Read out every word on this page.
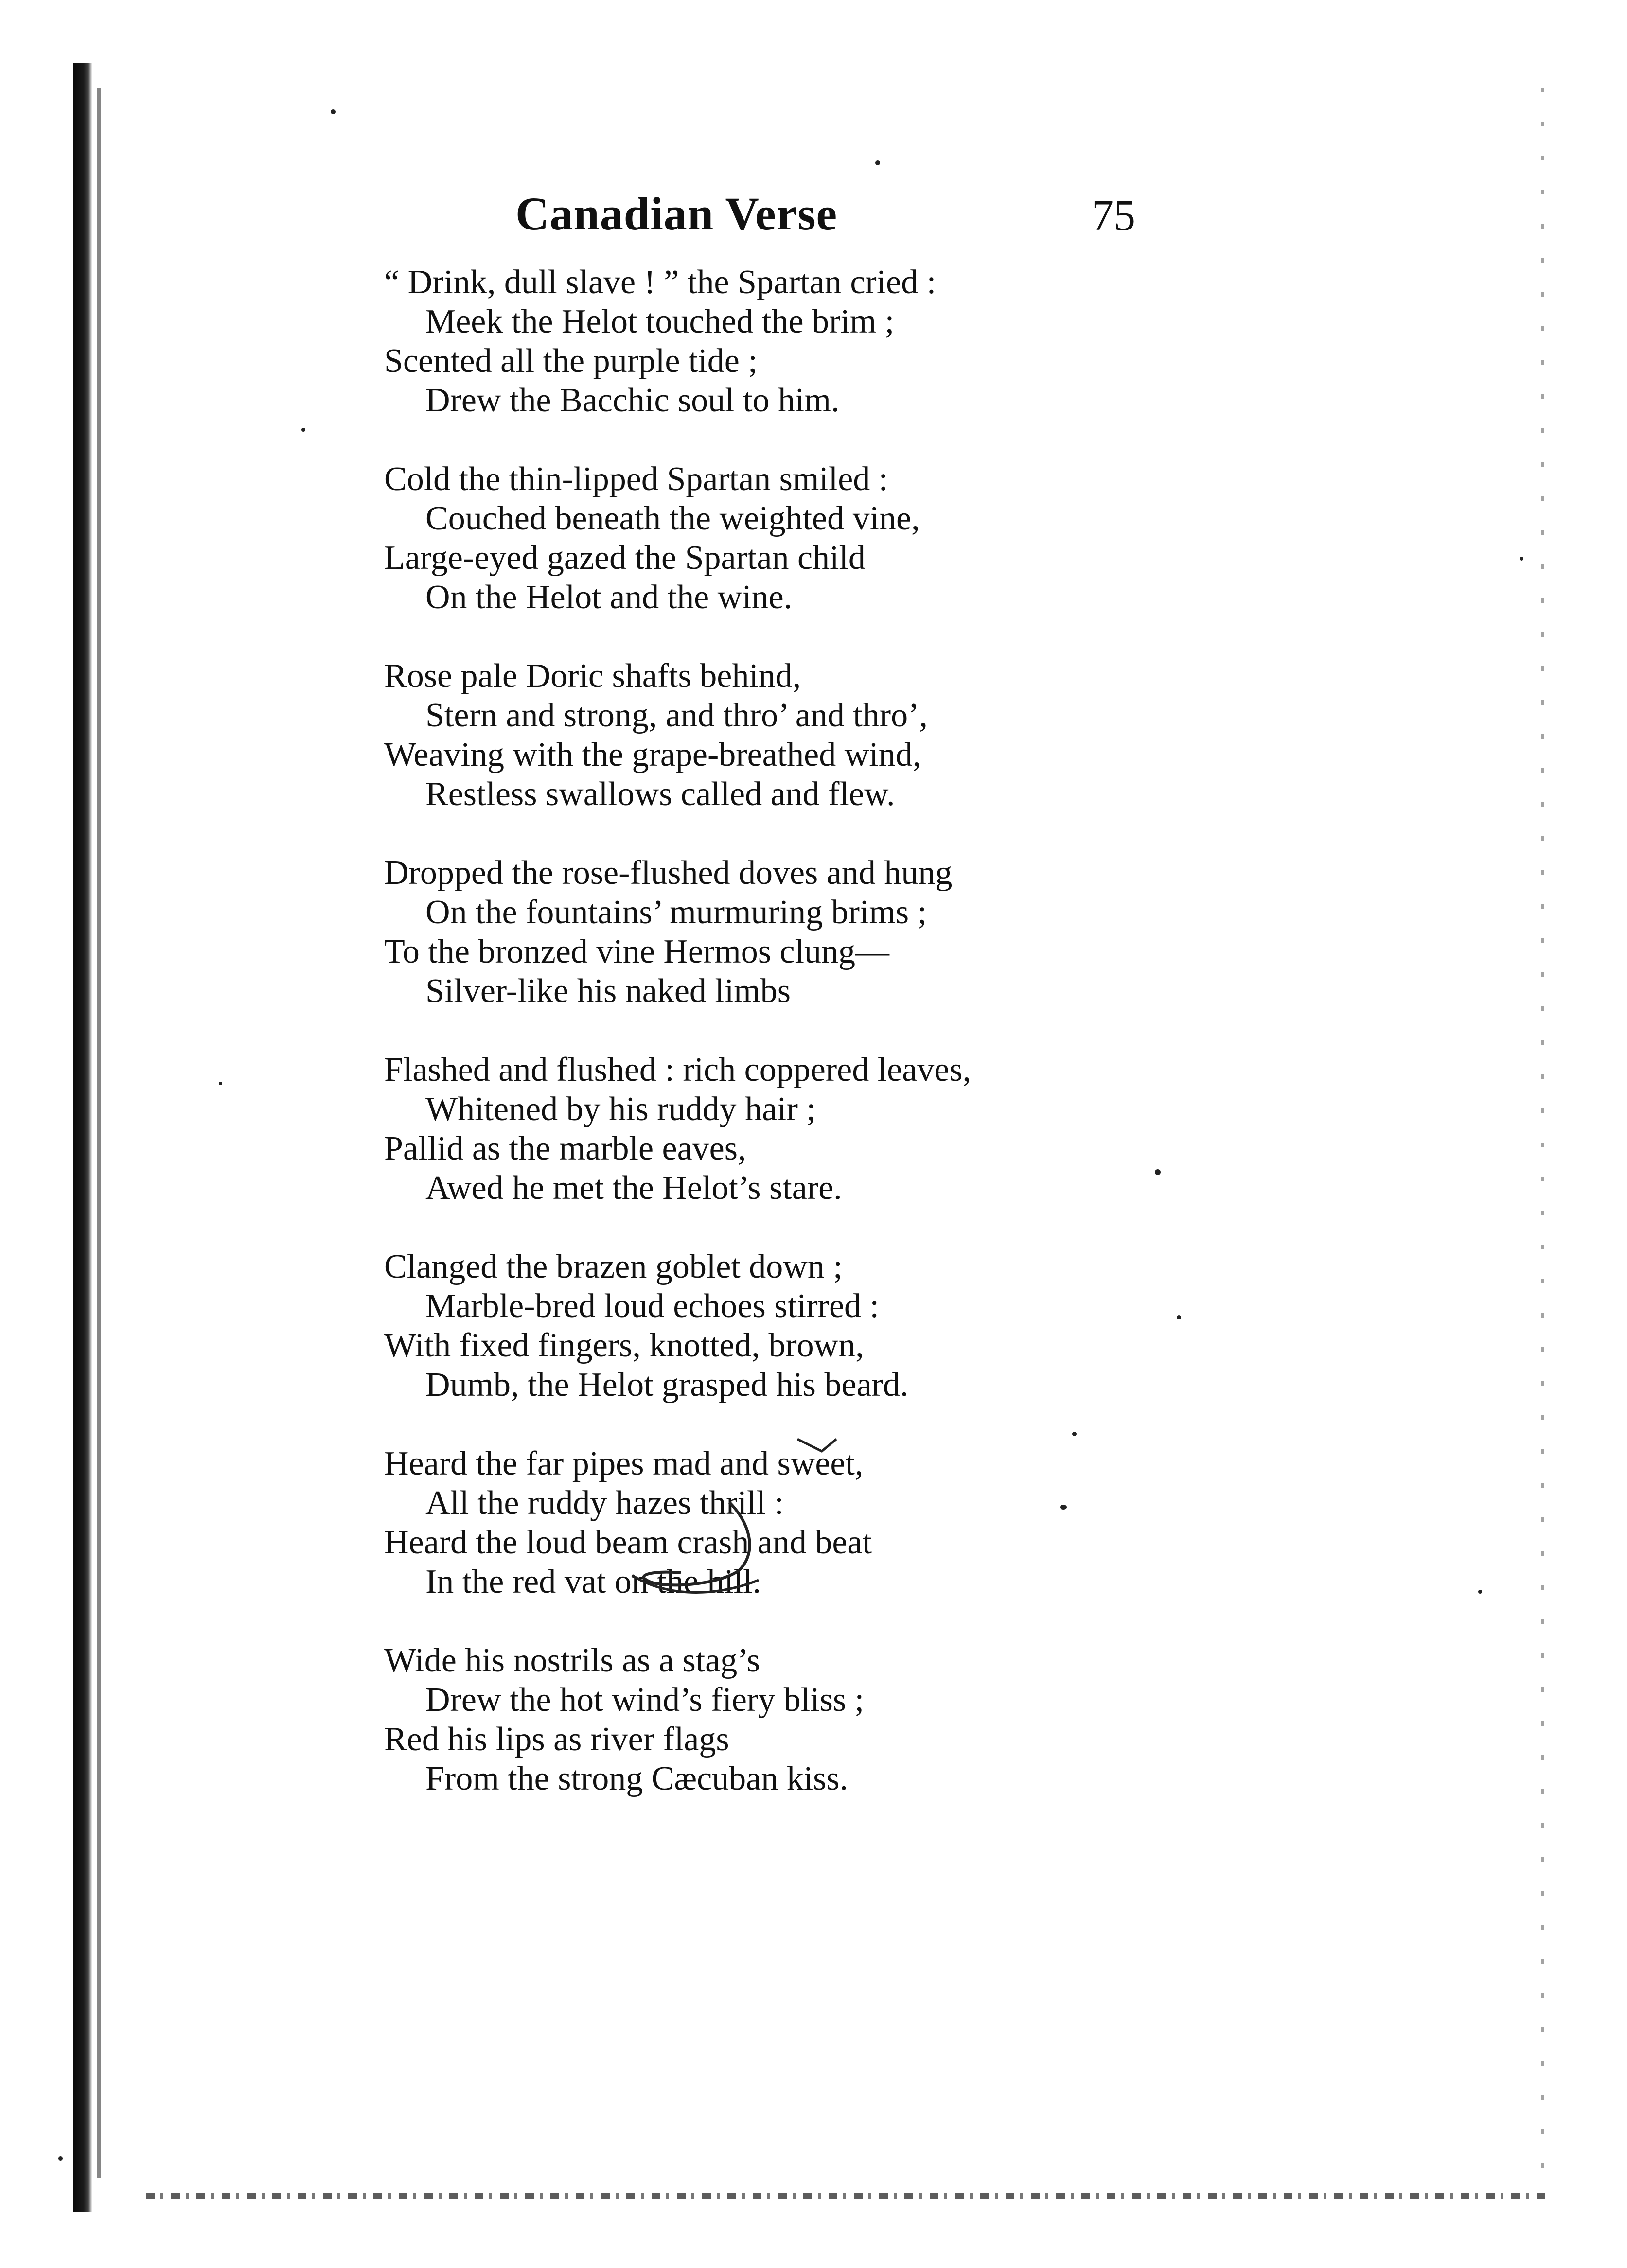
Canadian Verse	75
“ Drink, dull slave ! ” the Spartan cried :
Meek the Helot touched the brim ;
Scented all the purple tide ;
Drew the Bacchic soul to him.
Cold the thin-lipped Spartan smiled :
Couched beneath the weighted vine,
Large-eyed gazed the Spartan child
On the Helot and the wine.
Rose pale Doric shafts behind,
Stern and strong, and thro’ and thro’,
Weaving with the grape-breathed wind,
Restless swallows called and flew.
Dropped the rose-flushed doves and hung
On the fountains’ murmuring brims ;
To the bronzed vine Hermos clung—
Silver-like his naked limbs
Flashed and flushed : rich coppered leaves,
Whitened by his ruddy hair ;
Pallid as the marble eaves,
Awed he met the Helot’s stare.
Clanged the brazen goblet down ;
Marble-bred loud echoes stirred :
With fixed fingers, knotted, brown,
Dumb, the Helot grasped his beard.
Heard the far pipes mad and sweet,
All the ruddy hazes thrill :
Heard the loud beam crash and beat
In the red vat on the hill.
Wide his nostrils as a stag’s
Drew the hot wind’s fiery bliss ;
Red his lips as river flags
From the strong Cæcuban kiss.
